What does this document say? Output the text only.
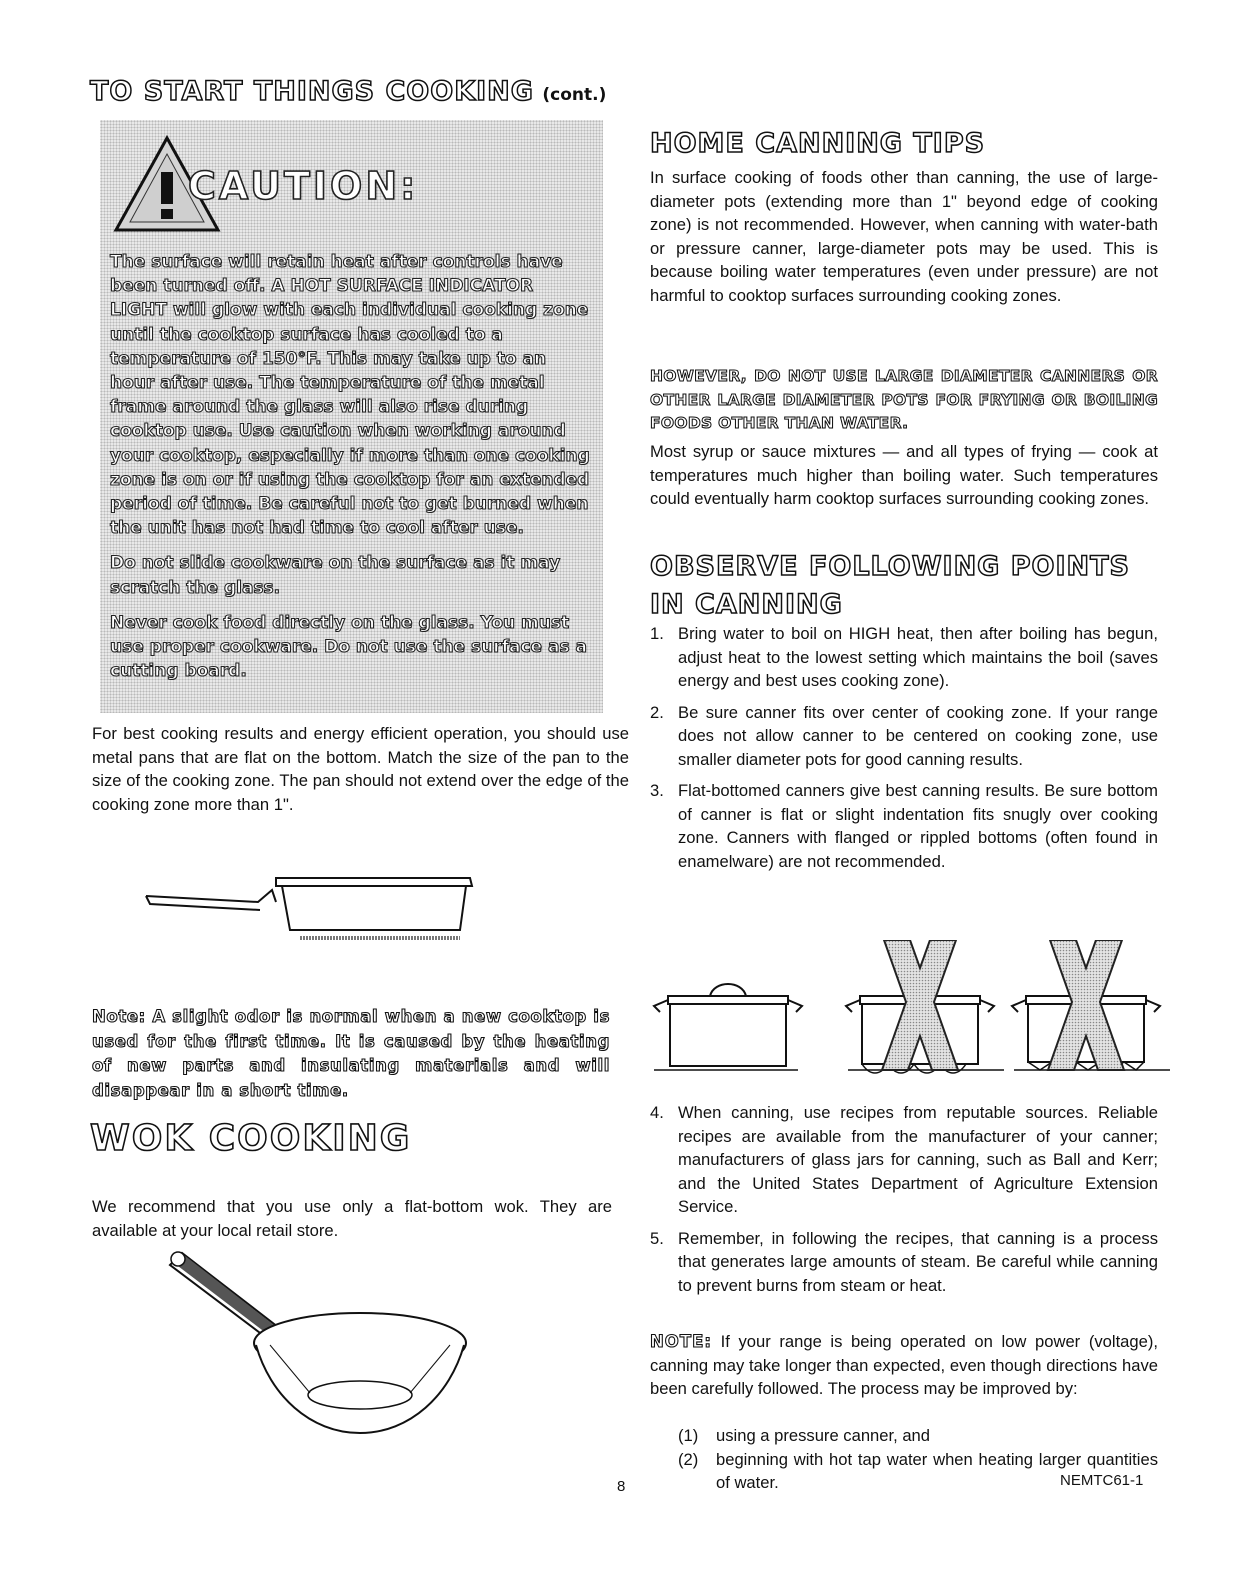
TO START THINGS COOKING (cont.)
CAUTION:

The surface will retain heat after controls have been turned off. A HOT SURFACE INDICATOR LIGHT will glow with each individual cooking zone until the cooktop surface has cooled to a temperature of 150°F. This may take up to an hour after use. The temperature of the metal frame around the glass will also rise during cooktop use. Use caution when working around your cooktop, especially if more than one cooking zone is on or if using the cooktop for an extended period of time. Be careful not to get burned when the unit has not had time to cool after use.

Do not slide cookware on the surface as it may scratch the glass.

Never cook food directly on the glass. You must use proper cookware. Do not use the surface as a cutting board.

For best cooking results and energy efficient operation, you should use metal pans that are flat on the bottom. Match the size of the pan to the size of the cooking zone. The pan should not extend over the edge of the cooking zone more than 1".

Note: A slight odor is normal when a new cooktop is used for the first time. It is caused by the heating of new parts and insulating materials and will disappear in a short time.

WOK COOKING

We recommend that you use only a flat-bottom wok. They are available at your local retail store.

HOME CANNING TIPS

In surface cooking of foods other than canning, the use of large-diameter pots (extending more than 1" beyond edge of cooking zone) is not recommended. However, when canning with water-bath or pressure canner, large-diameter pots may be used. This is because boiling water temperatures (even under pressure) are not harmful to cooktop surfaces surrounding cooking zones.

HOWEVER, DO NOT USE LARGE DIAMETER CANNERS OR OTHER LARGE DIAMETER POTS FOR FRYING OR BOILING FOODS OTHER THAN WATER.

Most syrup or sauce mixtures — and all types of frying — cook at temperatures much higher than boiling water. Such temperatures could eventually harm cooktop surfaces surrounding cooking zones.

OBSERVE FOLLOWING POINTS IN CANNING
1. Bring water to boil on HIGH heat, then after boiling has begun, adjust heat to the lowest setting which maintains the boil (saves energy and best uses cooking zone).
2. Be sure canner fits over center of cooking zone. If your range does not allow canner to be centered on cooking zone, use smaller diameter pots for good canning results.
3. Flat-bottomed canners give best canning results. Be sure bottom of canner is flat or slight indentation fits snugly over cooking zone. Canners with flanged or rippled bottoms (often found in enamelware) are not recommended.
4. When canning, use recipes from reputable sources. Reliable recipes are available from the manufacturer of your canner; manufacturers of glass jars for canning, such as Ball and Kerr; and the United States Department of Agriculture Extension Service.
5. Remember, in following the recipes, that canning is a process that generates large amounts of steam. Be careful while canning to prevent burns from steam or heat.

NOTE: If your range is being operated on low power (voltage), canning may take longer than expected, even though directions have been carefully followed. The process may be improved by:

(1) using a pressure canner, and
(2) beginning with hot tap water when heating larger quantities of water.
8	NEMTC61-1
